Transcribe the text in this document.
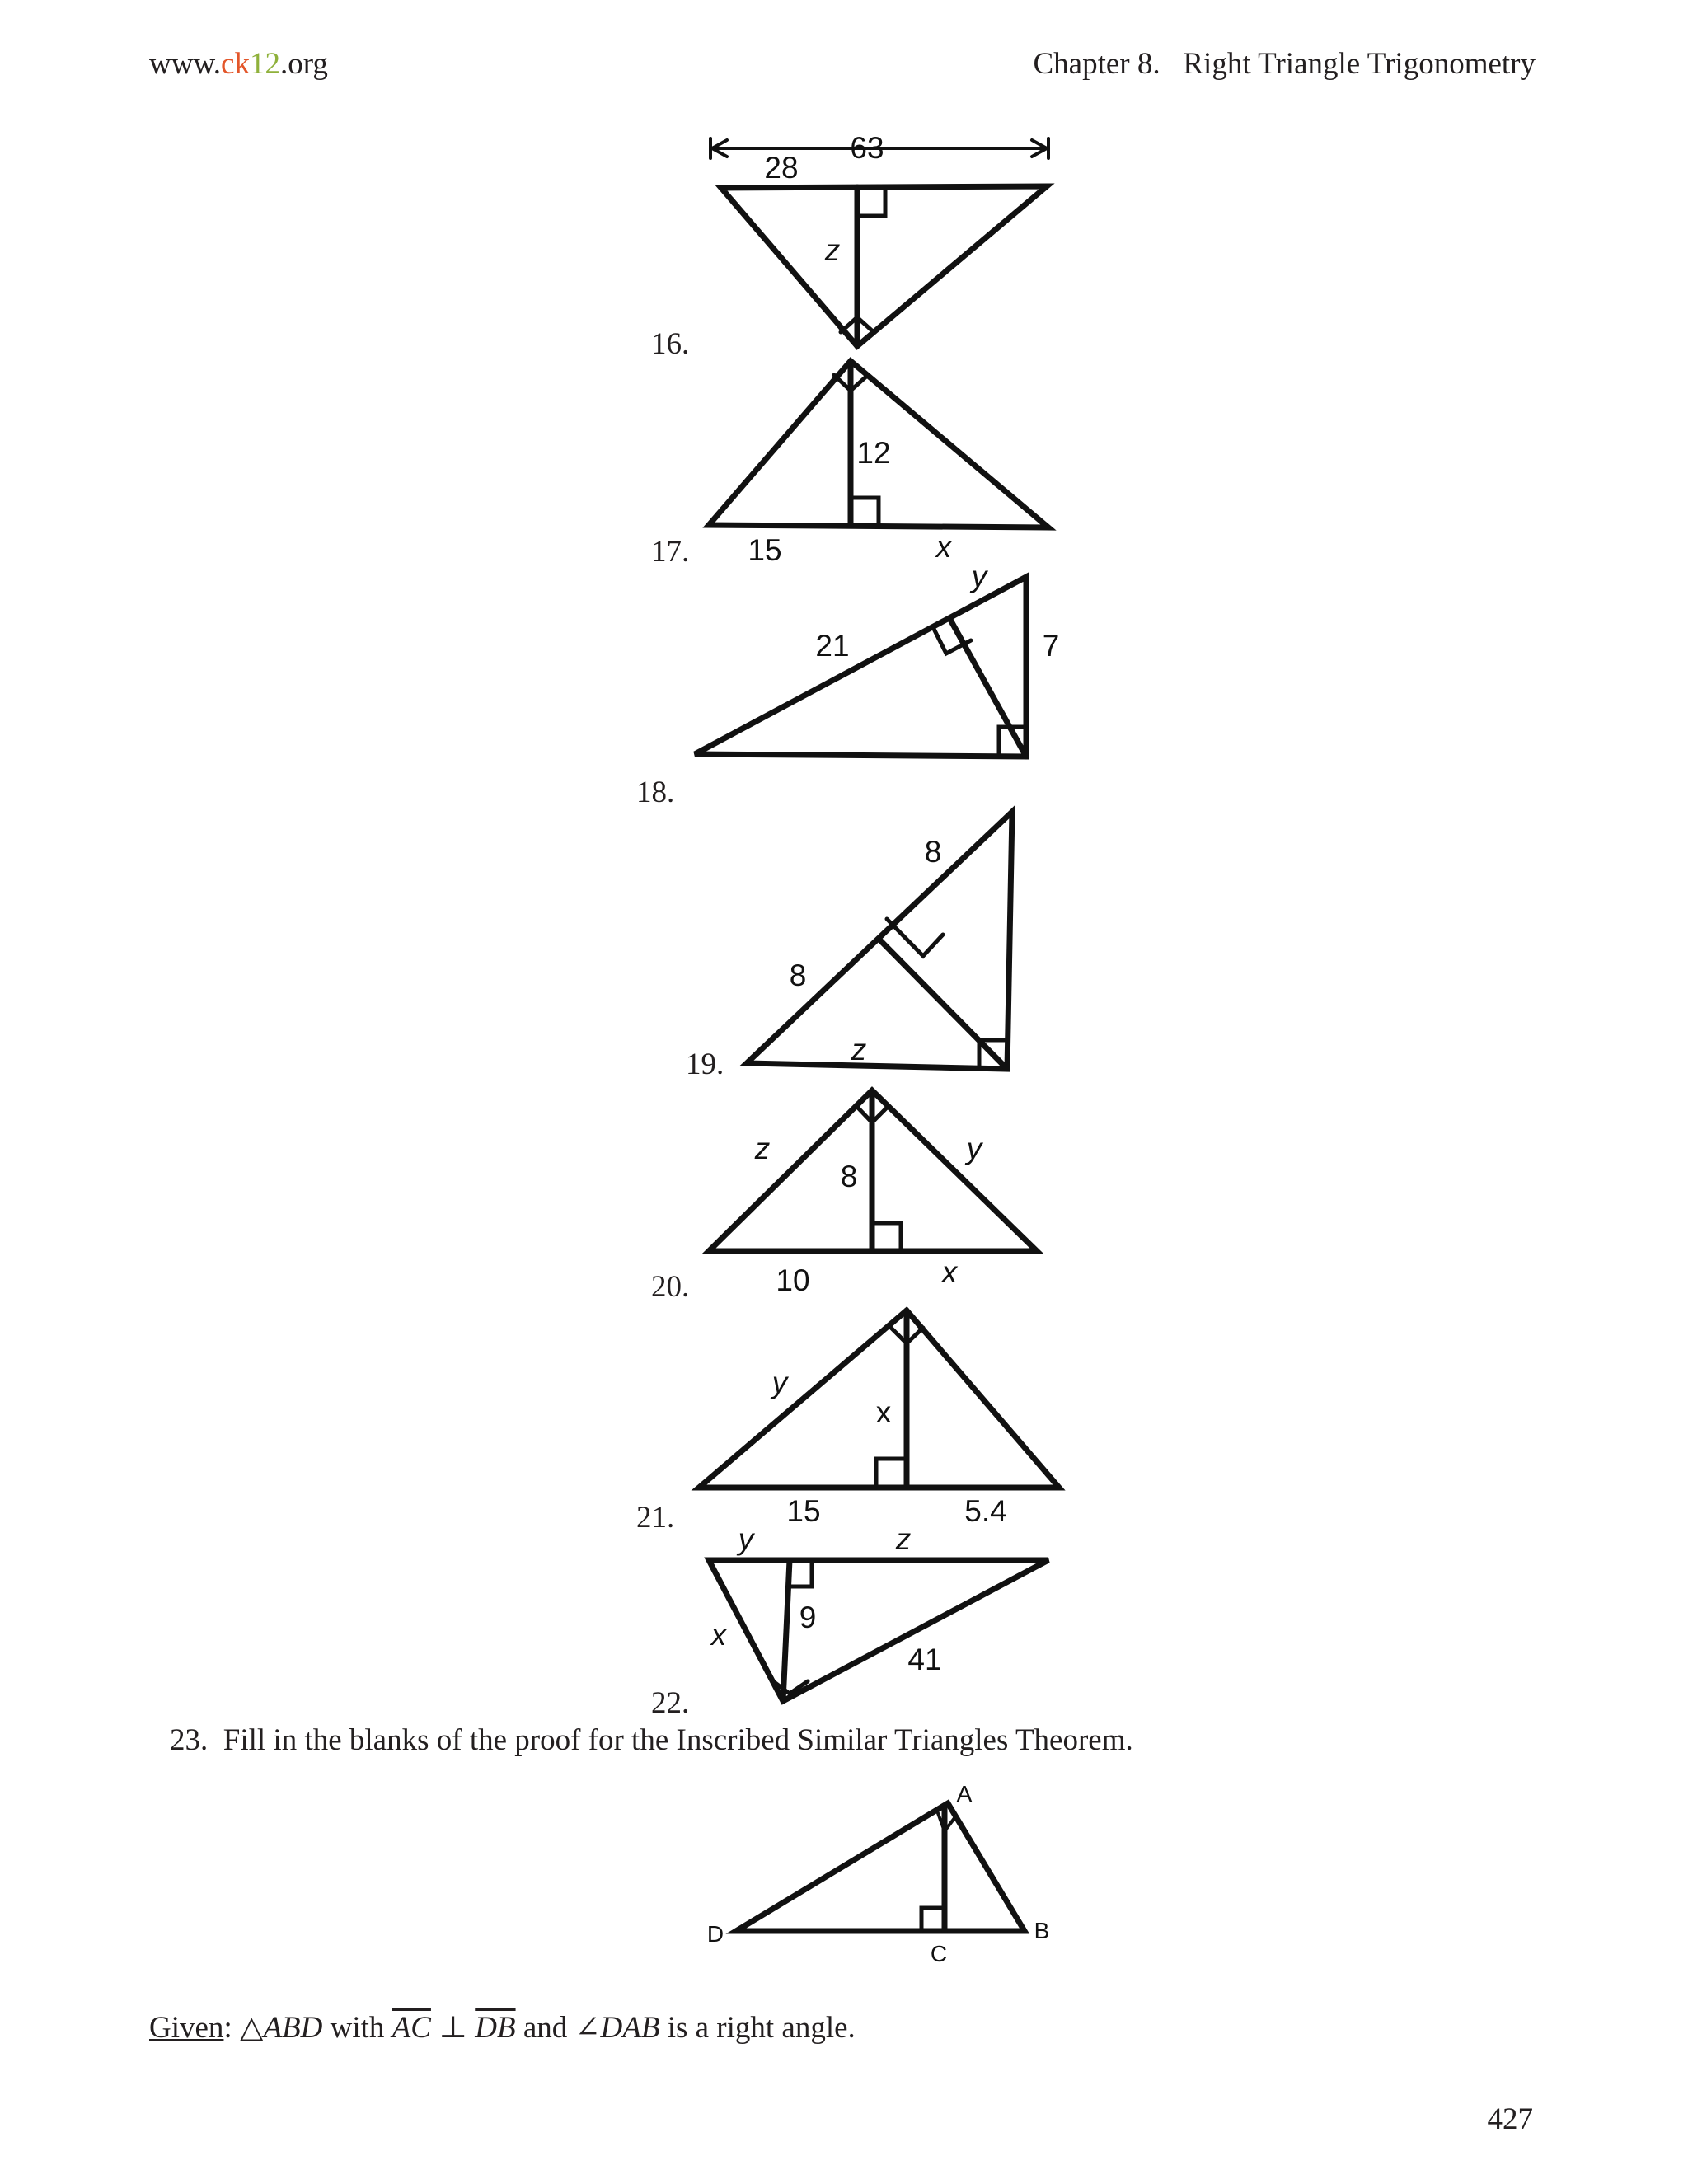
www.ck12.org	Chapter 8. Right Triangle Trigonometry
16.
17.
18.
19.
20.
21.
22.
63
28
z
12
15	x
21
y
7
8
8
z
z	y
8
10	x
y
x
15	5.4
y	z
9
x
41
A
B
C
D
23. Fill in the blanks of the proof for the Inscribed Similar Triangles Theorem.
Given: △ABD with $\overline{AC}$ ⊥ $\overline{DB}$ and ∠DAB is a right angle.
427
